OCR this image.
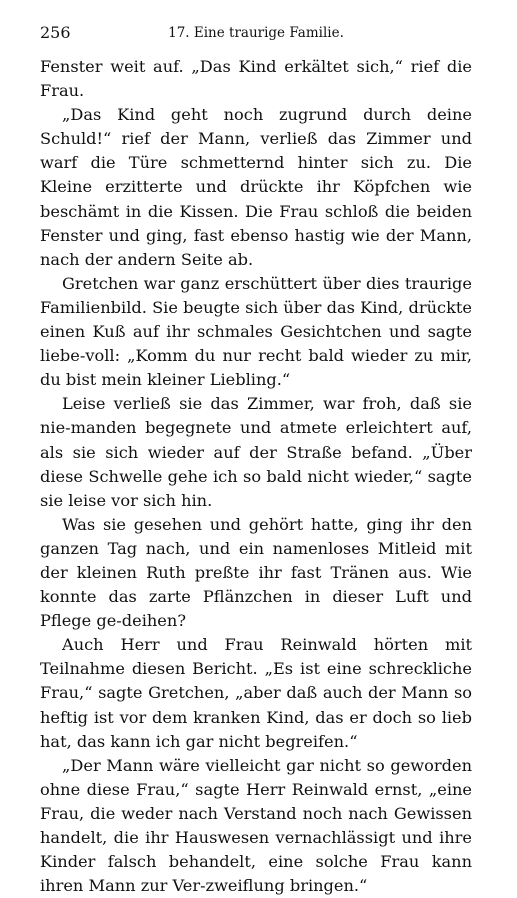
256	17. Eine traurige Familie.

Fenster weit auf. „Das Kind erkältet sich,“ rief die Frau.

„Das Kind geht noch zugrund durch deine Schuld!“ rief der Mann, verließ das Zimmer und warf die Türe schmetternd hinter sich zu. Die Kleine erzitterte und drückte ihr Köpfchen wie beschämt in die Kissen. Die Frau schloß die beiden Fenster und ging, fast ebenso hastig wie der Mann, nach der andern Seite ab.

Gretchen war ganz erschüttert über dies traurige Familienbild. Sie beugte sich über das Kind, drückte einen Kuß auf ihr schmales Gesichtchen und sagte liebe-voll: „Komm du nur recht bald wieder zu mir, du bist mein kleiner Liebling.“

Leise verließ sie das Zimmer, war froh, daß sie nie-manden begegnete und atmete erleichtert auf, als sie sich wieder auf der Straße befand. „Über diese Schwelle gehe ich so bald nicht wieder,“ sagte sie leise vor sich hin.

Was sie gesehen und gehört hatte, ging ihr den ganzen Tag nach, und ein namenloses Mitleid mit der kleinen Ruth preßte ihr fast Tränen aus. Wie konnte das zarte Pflänzchen in dieser Luft und Pflege ge-deihen?

Auch Herr und Frau Reinwald hörten mit Teilnahme diesen Bericht. „Es ist eine schreckliche Frau,“ sagte Gretchen, „aber daß auch der Mann so heftig ist vor dem kranken Kind, das er doch so lieb hat, das kann ich gar nicht begreifen.“

„Der Mann wäre vielleicht gar nicht so geworden ohne diese Frau,“ sagte Herr Reinwald ernst, „eine Frau, die weder nach Verstand noch nach Gewissen handelt, die ihr Hauswesen vernachlässigt und ihre Kinder falsch behandelt, eine solche Frau kann ihren Mann zur Ver-zweiflung bringen.“
